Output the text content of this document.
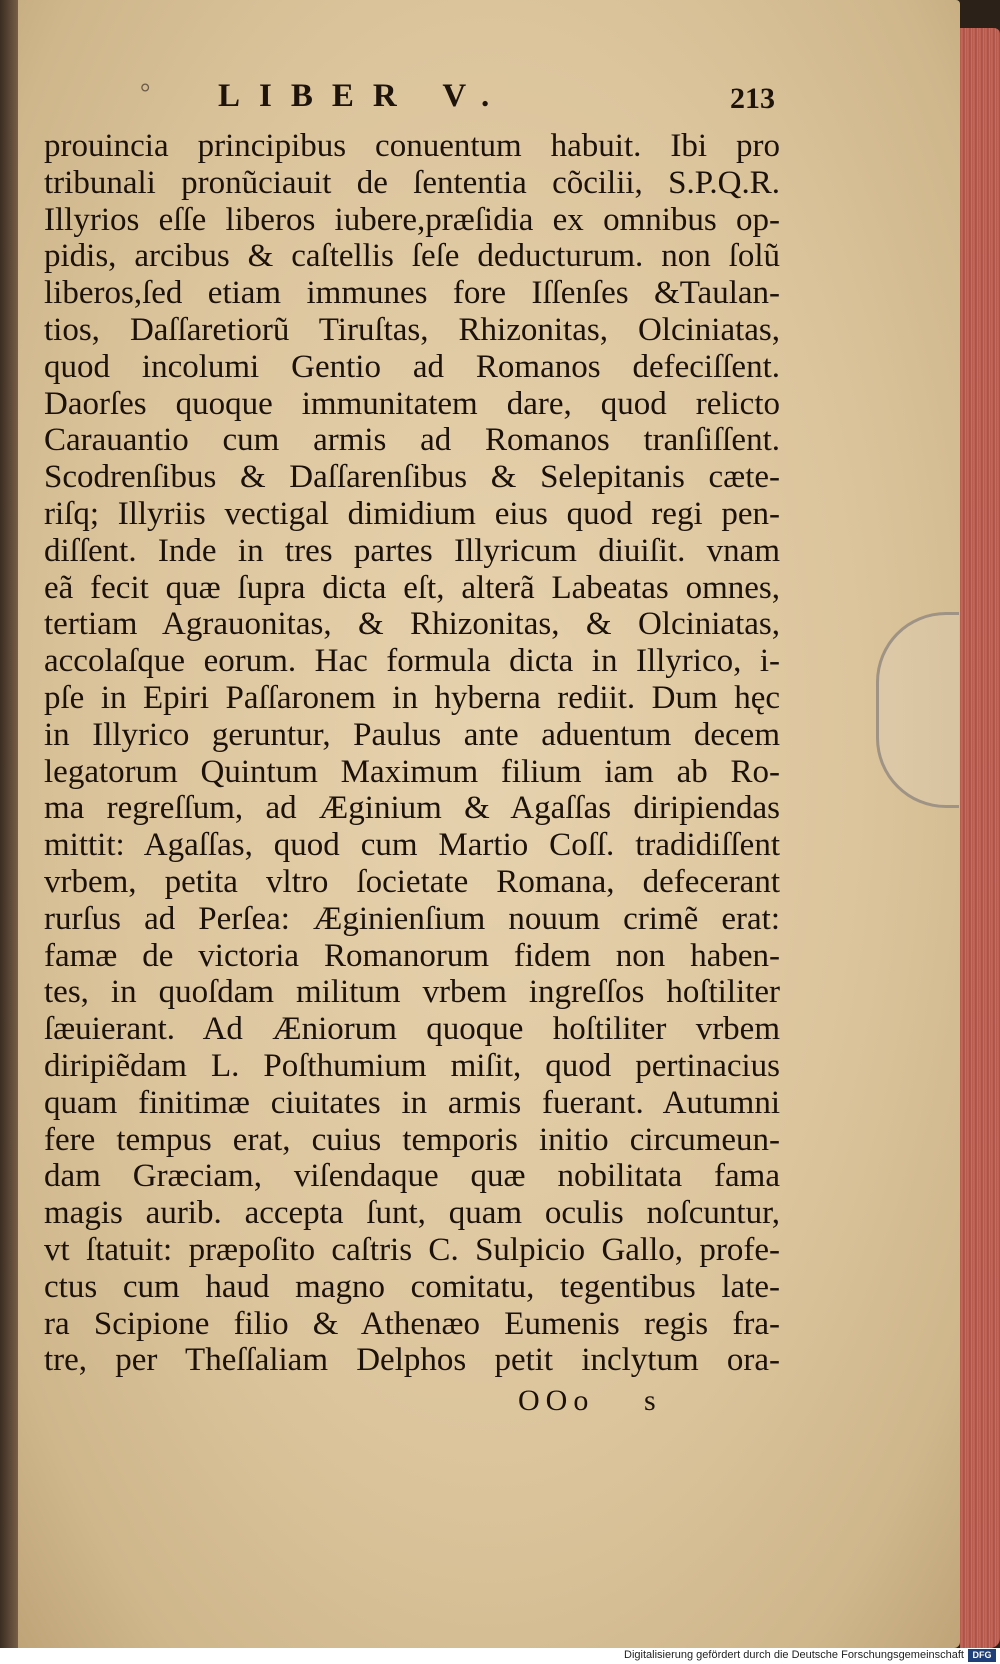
° LIBER V.	213
prouincia principibus conuentum habuit. Ibi pro
tribunali pronũciauit de ſententia cõcilii, S.P.Q.R.
Illyrios eſſe liberos iubere,præſidia ex omnibus op-
pidis, arcibus & caſtellis ſeſe deducturum. non ſolũ
liberos,ſed etiam immunes fore Iſſenſes &Taulan-
tios, Daſſaretiorũ Tiruſtas, Rhizonitas, Olciniatas,
quod incolumi Gentio ad Romanos defeciſſent.
Daorſes quoque immunitatem dare, quod relicto
Carauantio cum armis ad Romanos tranſiſſent.
Scodrenſibus & Daſſarenſibus & Selepitanis cæte-
riſq; Illyriis vectigal dimidium eius quod regi pen-
diſſent. Inde in tres partes Illyricum diuiſit. vnam
eã fecit quæ ſupra dicta eſt, alterã Labeatas omnes,
tertiam Agrauonitas, & Rhizonitas, & Olciniatas,
accolaſque eorum. Hac formula dicta in Illyrico, i-
pſe in Epiri Paſſaronem in hyberna rediit. Dum hęc
in Illyrico geruntur, Paulus ante aduentum decem
legatorum Quintum Maximum filium iam ab Ro-
ma regreſſum, ad Æginium & Agaſſas diripiendas
mittit: Agaſſas, quod cum Martio Coſſ. tradidiſſent
vrbem, petita vltro ſocietate Romana, defecerant
rurſus ad Perſea: Æginienſium nouum crimẽ erat:
famæ de victoria Romanorum fidem non haben-
tes, in quoſdam militum vrbem ingreſſos hoſtiliter
ſæuierant. Ad Æniorum quoque hoſtiliter vrbem
diripiẽdam L. Poſthumium miſit, quod pertinacius
quam finitimæ ciuitates in armis fuerant. Autumni
fere tempus erat, cuius temporis initio circumeun-
dam Græciam, viſendaque quæ nobilitata fama
magis aurib. accepta ſunt, quam oculis noſcuntur,
vt ſtatuit: præpoſito caſtris C. Sulpicio Gallo, profe-
ctus cum haud magno comitatu, tegentibus late-
ra Scipione filio & Athenæo Eumenis regis fra-
tre, per Theſſaliam Delphos petit inclytum ora-
OOo s
Digitalisierung gefördert durch die Deutsche Forschungsgemeinschaft DFG
